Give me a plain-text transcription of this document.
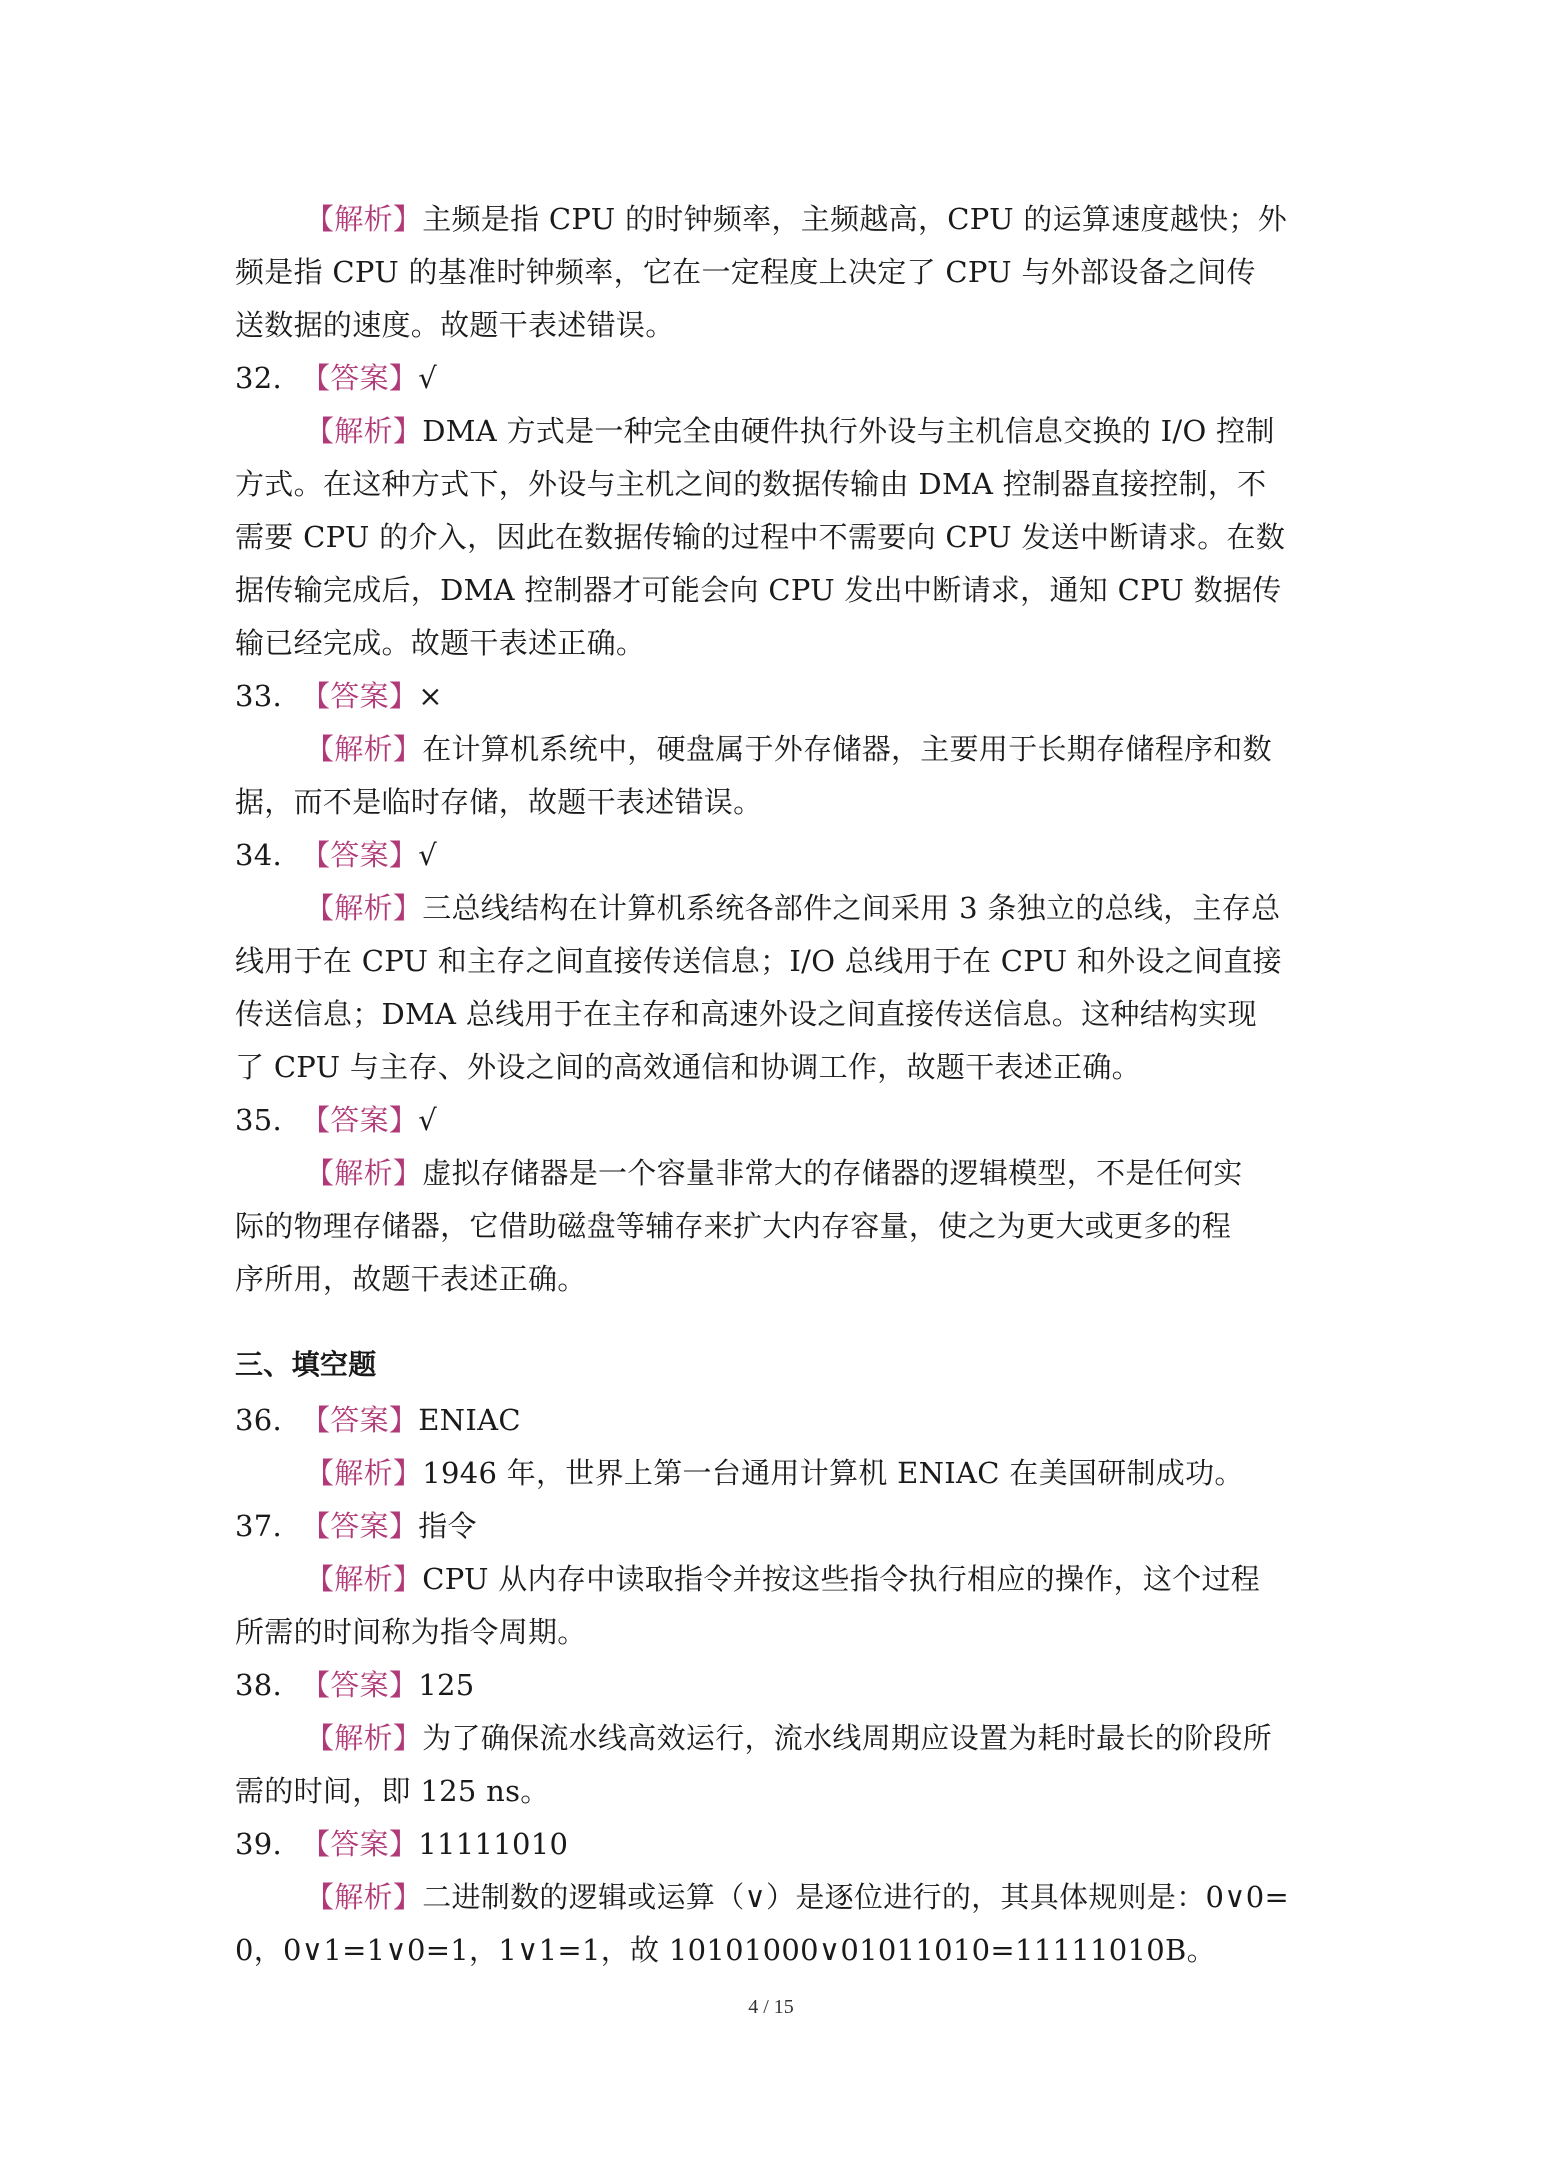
【解析】主频是指 CPU 的时钟频率，主频越高，CPU 的运算速度越快；外
频是指 CPU 的基准时钟频率，它在一定程度上决定了 CPU 与外部设备之间传
送数据的速度。故题干表述错误。
32. 【答案】√
【解析】DMA 方式是一种完全由硬件执行外设与主机信息交换的 I/O 控制
方式。在这种方式下，外设与主机之间的数据传输由 DMA 控制器直接控制，不
需要 CPU 的介入，因此在数据传输的过程中不需要向 CPU 发送中断请求。在数
据传输完成后，DMA 控制器才可能会向 CPU 发出中断请求，通知 CPU 数据传
输已经完成。故题干表述正确。
33. 【答案】×
【解析】在计算机系统中，硬盘属于外存储器，主要用于长期存储程序和数
据，而不是临时存储，故题干表述错误。
34. 【答案】√
【解析】三总线结构在计算机系统各部件之间采用 3 条独立的总线，主存总
线用于在 CPU 和主存之间直接传送信息；I/O 总线用于在 CPU 和外设之间直接
传送信息；DMA 总线用于在主存和高速外设之间直接传送信息。这种结构实现
了 CPU 与主存、外设之间的高效通信和协调工作，故题干表述正确。
35. 【答案】√
【解析】虚拟存储器是一个容量非常大的存储器的逻辑模型，不是任何实
际的物理存储器，它借助磁盘等辅存来扩大内存容量，使之为更大或更多的程
序所用，故题干表述正确。
三、填空题
36. 【答案】ENIAC
【解析】1946 年，世界上第一台通用计算机 ENIAC 在美国研制成功。
37. 【答案】指令
【解析】CPU 从内存中读取指令并按这些指令执行相应的操作，这个过程
所需的时间称为指令周期。
38. 【答案】125
【解析】为了确保流水线高效运行，流水线周期应设置为耗时最长的阶段所
需的时间，即 125 ns。
39. 【答案】11111010
【解析】二进制数的逻辑或运算（∨）是逐位进行的，其具体规则是：0∨0=
0，0∨1=1∨0=1，1∨1=1，故 10101000∨01011010=11111010B。
4 / 15
